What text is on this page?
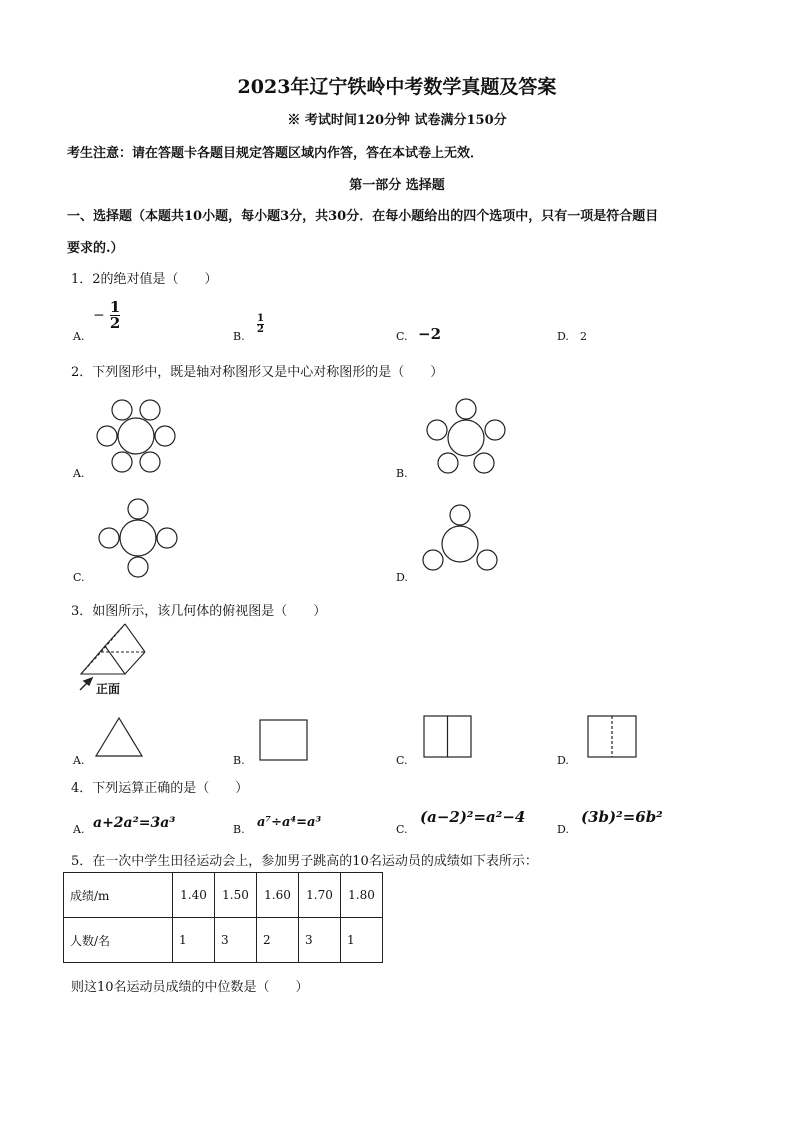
2023年辽宁铁岭中考数学真题及答案
※ 考试时间120分钟 试卷满分150分
考生注意：请在答题卡各题目规定答题区域内作答，答在本试卷上无效．
第一部分 选择题
一、选择题（本题共10小题，每小题3分，共30分．在每小题给出的四个选项中，只有一项是符合题目
要求的.）
1．2的绝对值是（　　）
A.
− $\frac{1}{2}$
B.
$\frac{1}{2}$
C. −2	D. 2
2．下列图形中，既是轴对称图形又是中心对称图形的是（　　）
A.	B.
C.	D.
3．如图所示，该几何体的俯视图是（　　）
正面
A.	B.	C.	D.
4．下列运算正确的是（　　）
A. a+2a²=3a³	B. a⁷÷a⁴=a³	C.
(a−2)²=a²−4
D.
(3b)²=6b²
5．在一次中学生田径运动会上，参加男子跳高的10名运动员的成绩如下表所示：
成绩/m	1.40	1.50	1.60	1.70	1.80
人数/名	1	3	2	3	1
则这10名运动员成绩的中位数是（　　）
